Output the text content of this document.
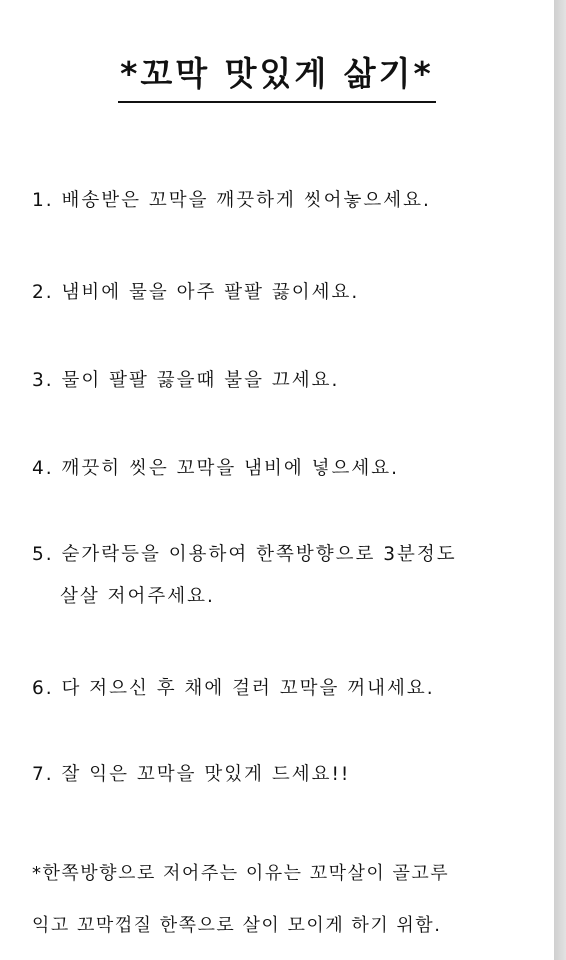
*꼬막 맛있게 삶기*

1. 배송받은 꼬막을 깨끗하게 씻어놓으세요.

2. 냄비에 물을 아주 팔팔 끓이세요.

3. 물이 팔팔 끓을때 불을 끄세요.

4. 깨끗히 씻은 꼬막을 냄비에 넣으세요.

5. 숟가락등을 이용하여 한쪽방향으로 3분정도
살살 저어주세요.

6. 다 저으신 후 채에 걸러 꼬막을 꺼내세요.

7. 잘 익은 꼬막을 맛있게 드세요!!

*한쪽방향으로 저어주는 이유는 꼬막살이 골고루
익고 꼬막껍질 한쪽으로 살이 모이게 하기 위함.
